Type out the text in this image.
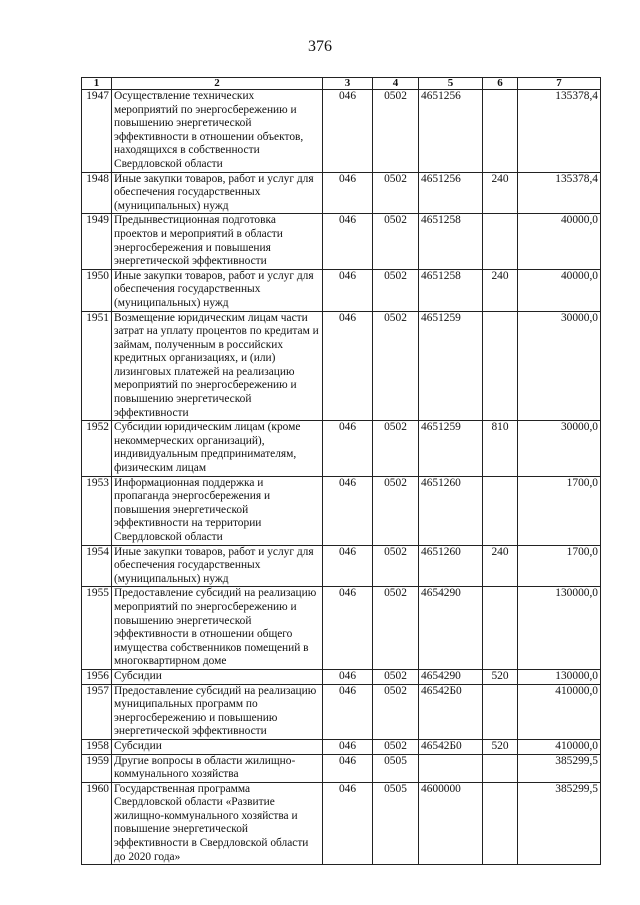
376
1	2	3	4	5	6	7
1947	Осуществление технических мероприятий по энергосбережению и повышению энергетической эффективности в отношении объектов, находящихся в собственности Свердловской области	046	0502	4651256		135378,4
1948	Иные закупки товаров, работ и услуг для обеспечения государственных (муниципальных) нужд	046	0502	4651256	240	135378,4
1949	Предынвестиционная подготовка проектов и мероприятий в области энергосбережения и повышения энергетической эффективности	046	0502	4651258		40000,0
1950	Иные закупки товаров, работ и услуг для обеспечения государственных (муниципальных) нужд	046	0502	4651258	240	40000,0
1951	Возмещение юридическим лицам части затрат на уплату процентов по кредитам и займам, полученным в российских кредитных организациях, и (или) лизинговых платежей на реализацию мероприятий по энергосбережению и повышению энергетической эффективности	046	0502	4651259		30000,0
1952	Субсидии юридическим лицам (кроме некоммерческих организаций), индивидуальным предпринимателям, физическим лицам	046	0502	4651259	810	30000,0
1953	Информационная поддержка и пропаганда энергосбережения и повышения энергетической эффективности на территории Свердловской области	046	0502	4651260		1700,0
1954	Иные закупки товаров, работ и услуг для обеспечения государственных (муниципальных) нужд	046	0502	4651260	240	1700,0
1955	Предоставление субсидий на реализацию мероприятий по энергосбережению и повышению энергетической эффективности в отношении общего имущества собственников помещений в многоквартирном доме	046	0502	4654290		130000,0
1956	Субсидии	046	0502	4654290	520	130000,0
1957	Предоставление субсидий на реализацию муниципальных программ по энергосбережению и повышению энергетической эффективности	046	0502	46542Б0		410000,0
1958	Субсидии	046	0502	46542Б0	520	410000,0
1959	Другие вопросы в области жилищно-коммунального хозяйства	046	0505			385299,5
1960	Государственная программа Свердловской области «Развитие жилищно-коммунального хозяйства и повышение энергетической эффективности в Свердловской области до 2020 года»	046	0505	4600000		385299,5
